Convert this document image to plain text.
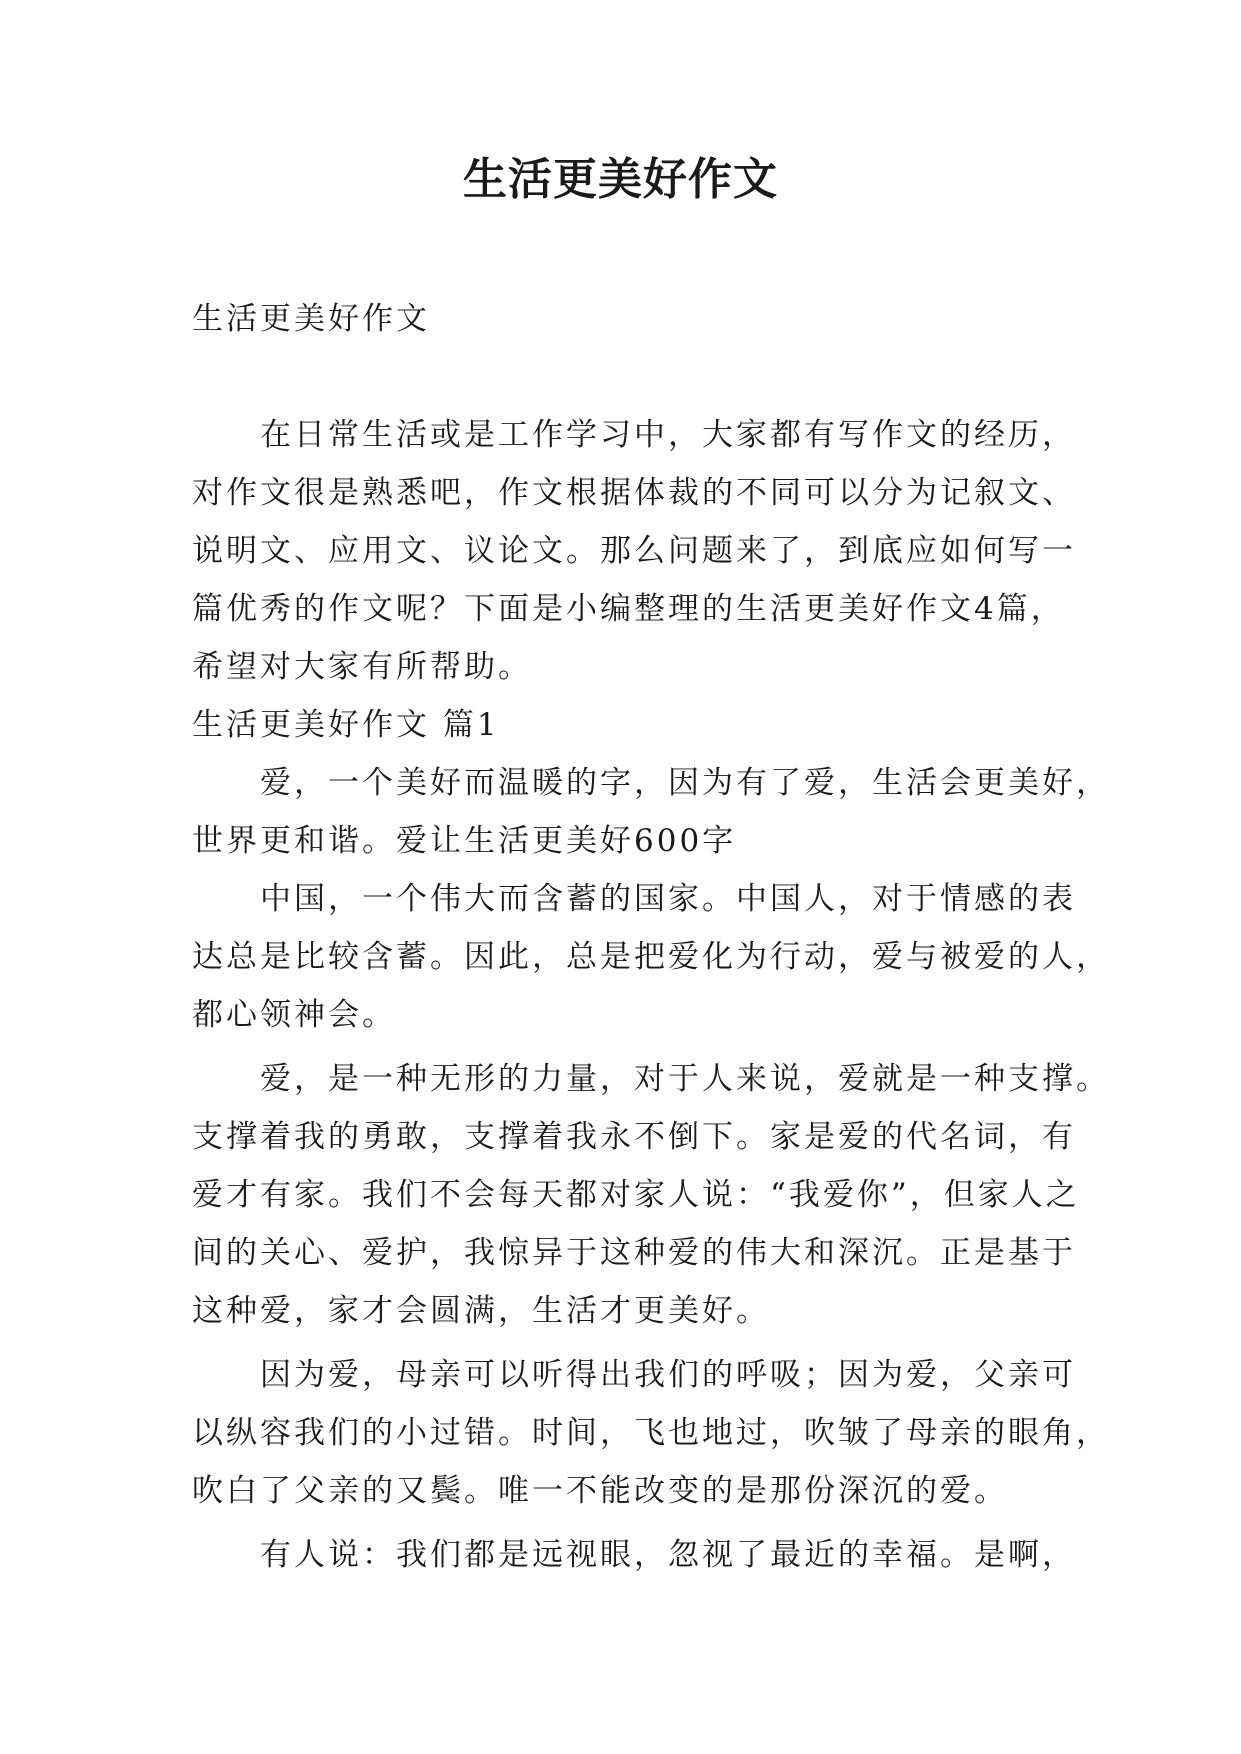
生活更美好作文

生活更美好作文

在日常生活或是工作学习中，大家都有写作文的经历，

对作文很是熟悉吧，作文根据体裁的不同可以分为记叙文、

说明文、应用文、议论文。那么问题来了，到底应如何写一

篇优秀的作文呢？下面是小编整理的生活更美好作文4篇，

希望对大家有所帮助。

生活更美好作文 篇1

爱，一个美好而温暖的字，因为有了爱，生活会更美好，

世界更和谐。爱让生活更美好600字

中国，一个伟大而含蓄的国家。中国人，对于情感的表

达总是比较含蓄。因此，总是把爱化为行动，爱与被爱的人，

都心领神会。

爱，是一种无形的力量，对于人来说，爱就是一种支撑。

支撑着我的勇敢，支撑着我永不倒下。家是爱的代名词，有

爱才有家。我们不会每天都对家人说：“我爱你”，但家人之

间的关心、爱护，我惊异于这种爱的伟大和深沉。正是基于

这种爱，家才会圆满，生活才更美好。

因为爱，母亲可以听得出我们的呼吸；因为爱，父亲可

以纵容我们的小过错。时间，飞也地过，吹皱了母亲的眼角，

吹白了父亲的又鬓。唯一不能改变的是那份深沉的爱。

有人说：我们都是远视眼，忽视了最近的幸福。是啊，
